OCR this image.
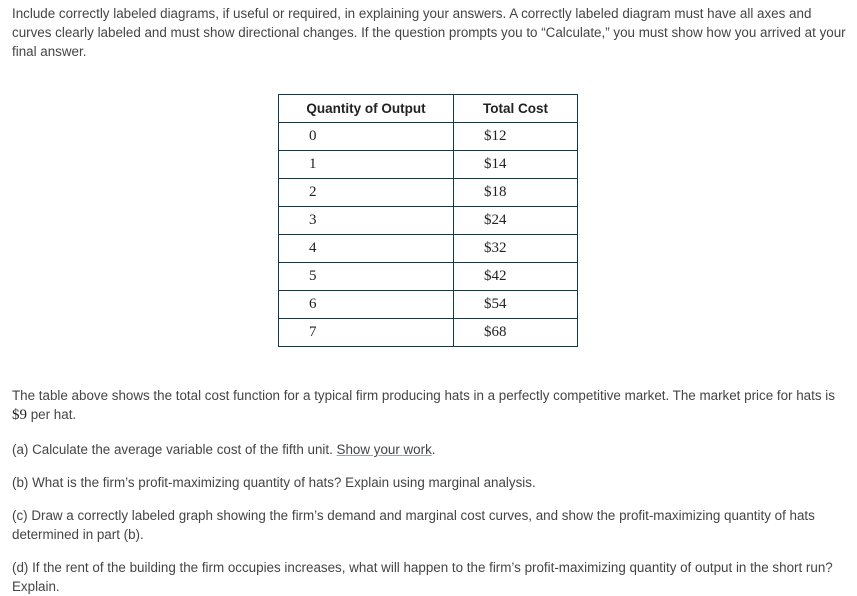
Include correctly labeled diagrams, if useful or required, in explaining your answers. A correctly labeled diagram must have all axes and curves clearly labeled and must show directional changes. If the question prompts you to “Calculate,” you must show how you arrived at your final answer.
Quantity of Output	Total Cost
0	$12
1	$14
2	$18
3	$24
4	$32
5	$42
6	$54
7	$68
The table above shows the total cost function for a typical firm producing hats in a perfectly competitive market. The market price for hats is $9 per hat.
(a) Calculate the average variable cost of the fifth unit. Show your work.
(b) What is the firm’s profit-maximizing quantity of hats? Explain using marginal analysis.
(c) Draw a correctly labeled graph showing the firm’s demand and marginal cost curves, and show the profit-maximizing quantity of hats determined in part (b).
(d) If the rent of the building the firm occupies increases, what will happen to the firm’s profit-maximizing quantity of output in the short run? Explain.
